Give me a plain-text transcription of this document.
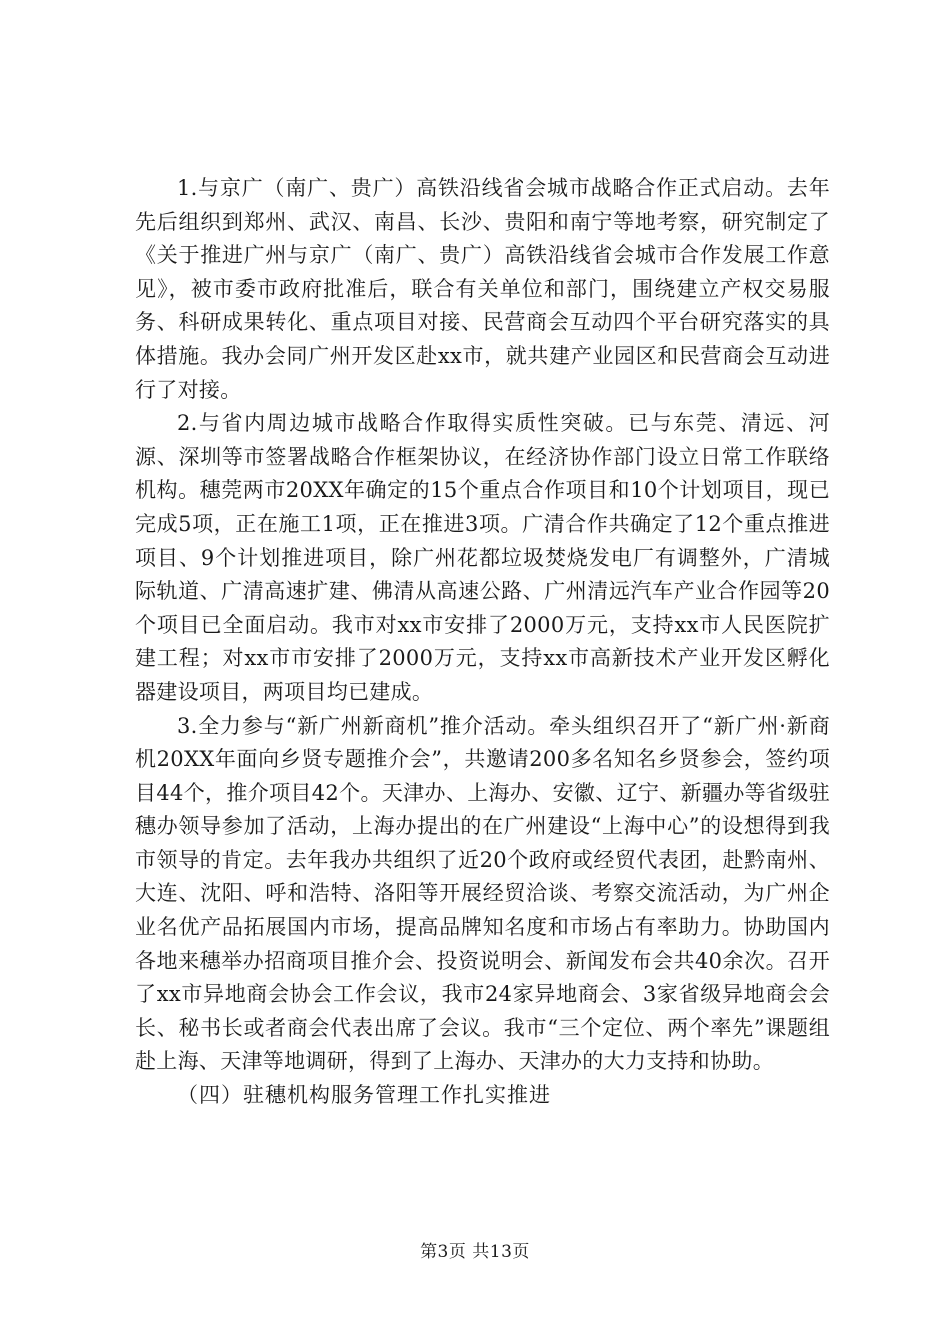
1.与京广（南广、贵广）高铁沿线省会城市战略合作正式启动。去年先后组织到郑州、武汉、南昌、长沙、贵阳和南宁等地考察，研究制定了《关于推进广州与京广（南广、贵广）高铁沿线省会城市合作发展工作意见》，被市委市政府批准后，联合有关单位和部门，围绕建立产权交易服务、科研成果转化、重点项目对接、民营商会互动四个平台研究落实的具体措施。我办会同广州开发区赴xx市，就共建产业园区和民营商会互动进行了对接。

2.与省内周边城市战略合作取得实质性突破。已与东莞、清远、河源、深圳等市签署战略合作框架协议，在经济协作部门设立日常工作联络机构。穗莞两市20XX年确定的15个重点合作项目和10个计划项目，现已完成5项，正在施工1项，正在推进3项。广清合作共确定了12个重点推进项目、9个计划推进项目，除广州花都垃圾焚烧发电厂有调整外，广清城际轨道、广清高速扩建、佛清从高速公路、广州清远汽车产业合作园等20个项目已全面启动。我市对xx市安排了2000万元，支持xx市人民医院扩建工程；对xx市市安排了2000万元，支持xx市高新技术产业开发区孵化器建设项目，两项目均已建成。

3.全力参与“新广州新商机”推介活动。牵头组织召开了“新广州·新商机20XX年面向乡贤专题推介会”，共邀请200多名知名乡贤参会，签约项目44个，推介项目42个。天津办、上海办、安徽、辽宁、新疆办等省级驻穗办领导参加了活动，上海办提出的在广州建设“上海中心”的设想得到我市领导的肯定。去年我办共组织了近20个政府或经贸代表团，赴黔南州、大连、沈阳、呼和浩特、洛阳等开展经贸洽谈、考察交流活动，为广州企业名优产品拓展国内市场，提高品牌知名度和市场占有率助力。协助国内各地来穗举办招商项目推介会、投资说明会、新闻发布会共40余次。召开了xx市异地商会协会工作会议，我市24家异地商会、3家省级异地商会会长、秘书长或者商会代表出席了会议。我市“三个定位、两个率先”课题组赴上海、天津等地调研，得到了上海办、天津办的大力支持和协助。

（四）驻穗机构服务管理工作扎实推进

第3页 共13页
